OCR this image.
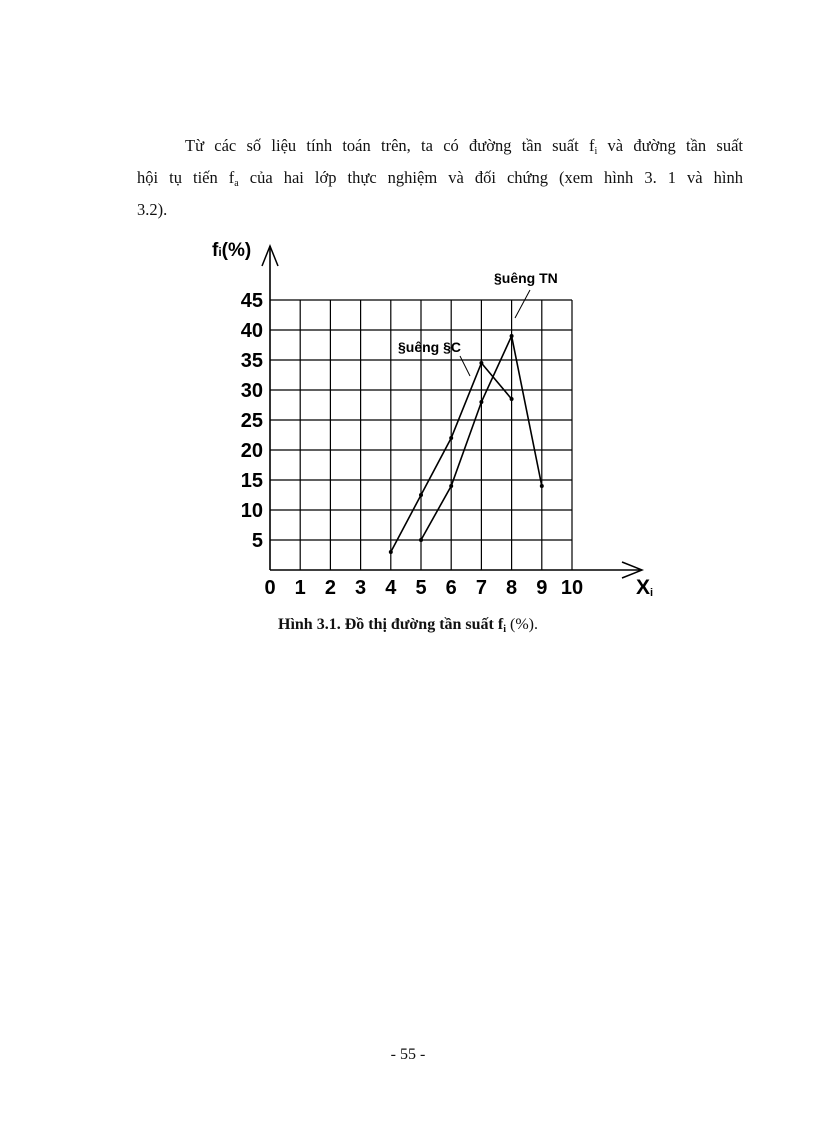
Từ các số liệu tính toán trên, ta có đường tần suất $f_i$ và đường tần suất
hội tụ tiến $f_a$ của hai lớp thực nghiệm và đối chứng (xem hình 3. 1 và hình
3.2).
0 1 2 3 4 5 6 7 8 9 10
5
10
15
20
25
30
35
40
45
§uêng §C
§uêng TN
fi(%)
Xi
Hình 3.1. Đồ thị đường tần suất $f_i$ (%).
- 55 -
